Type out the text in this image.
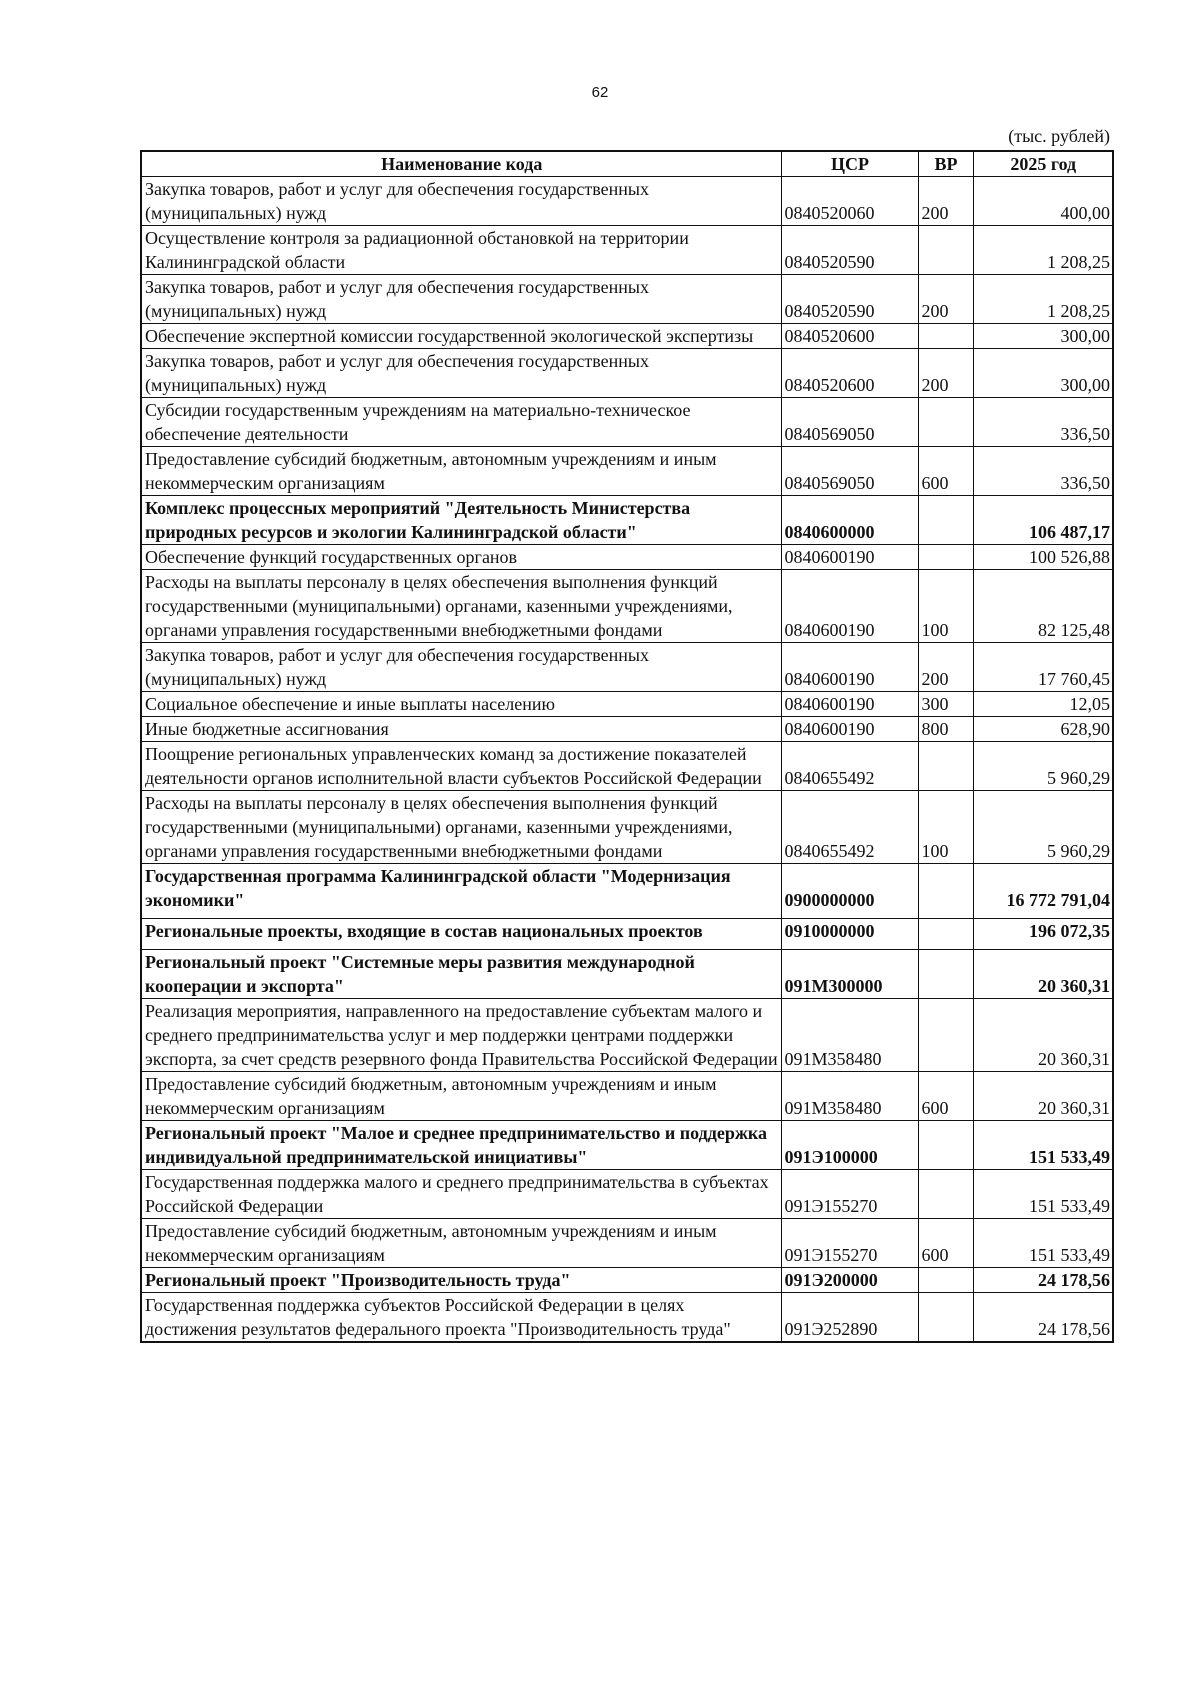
62
(тыс. рублей)
Наименование кода	ЦСР	ВР	2025 год
Закупка товаров, работ и услуг для обеспечения государственных (муниципальных) нужд	0840520060	200	400,00
Осуществление контроля за радиационной обстановкой на территории Калининградской области	0840520590		1 208,25
Закупка товаров, работ и услуг для обеспечения государственных (муниципальных) нужд	0840520590	200	1 208,25
Обеспечение экспертной комиссии государственной экологической экспертизы	0840520600		300,00
Закупка товаров, работ и услуг для обеспечения государственных (муниципальных) нужд	0840520600	200	300,00
Субсидии государственным учреждениям на материально-техническое обеспечение деятельности	0840569050		336,50
Предоставление субсидий бюджетным, автономным учреждениям и иным некоммерческим организациям	0840569050	600	336,50
Комплекс процессных мероприятий "Деятельность Министерства природных ресурсов и экологии Калининградской области"	0840600000		106 487,17
Обеспечение функций государственных органов	0840600190		100 526,88
Расходы на выплаты персоналу в целях обеспечения выполнения функций государственными (муниципальными) органами, казенными учреждениями, органами управления государственными внебюджетными фондами	0840600190	100	82 125,48
Закупка товаров, работ и услуг для обеспечения государственных (муниципальных) нужд	0840600190	200	17 760,45
Социальное обеспечение и иные выплаты населению	0840600190	300	12,05
Иные бюджетные ассигнования	0840600190	800	628,90
Поощрение региональных управленческих команд за достижение показателей деятельности органов исполнительной власти субъектов Российской Федерации	0840655492		5 960,29
Расходы на выплаты персоналу в целях обеспечения выполнения функций государственными (муниципальными) органами, казенными учреждениями, органами управления государственными внебюджетными фондами	0840655492	100	5 960,29
Государственная программа Калининградской области "Модернизация экономики"	0900000000		16 772 791,04
Региональные проекты, входящие в состав национальных проектов	0910000000		196 072,35
Региональный проект "Системные меры развития международной кооперации и экспорта"	091М300000		20 360,31
Реализация мероприятия, направленного на предоставление субъектам малого и среднего предпринимательства услуг и мер поддержки центрами поддержки экспорта, за счет средств резервного фонда Правительства Российской Федерации	091М358480		20 360,31
Предоставление субсидий бюджетным, автономным учреждениям и иным некоммерческим организациям	091М358480	600	20 360,31
Региональный проект "Малое и среднее предпринимательство и поддержка индивидуальной предпринимательской инициативы"	091Э100000		151 533,49
Государственная поддержка малого и среднего предпринимательства в субъектах Российской Федерации	091Э155270		151 533,49
Предоставление субсидий бюджетным, автономным учреждениям и иным некоммерческим организациям	091Э155270	600	151 533,49
Региональный проект "Производительность труда"	091Э200000		24 178,56
Государственная поддержка субъектов Российской Федерации в целях достижения результатов федерального проекта "Производительность труда"	091Э252890		24 178,56
